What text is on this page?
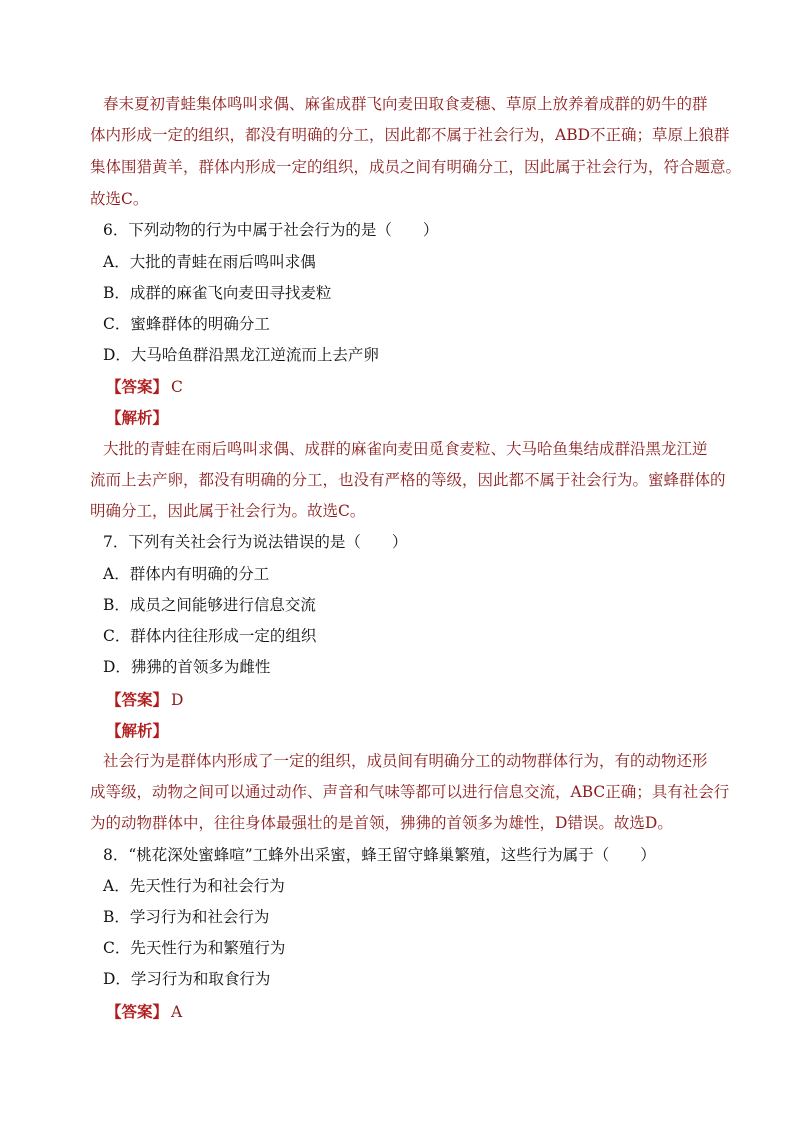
春末夏初青蛙集体鸣叫求偶、麻雀成群飞向麦田取食麦穗、草原上放养着成群的奶牛的群
体内形成一定的组织，都没有明确的分工，因此都不属于社会行为，ABD不正确；草原上狼群
集体围猎黄羊，群体内形成一定的组织，成员之间有明确分工，因此属于社会行为，符合题意。
故选C。
6．下列动物的行为中属于社会行为的是（　　）
A．大批的青蛙在雨后鸣叫求偶
B．成群的麻雀飞向麦田寻找麦粒
C．蜜蜂群体的明确分工
D．大马哈鱼群沿黑龙江逆流而上去产卵
【答案】 C
【解析】
大批的青蛙在雨后鸣叫求偶、成群的麻雀向麦田觅食麦粒、大马哈鱼集结成群沿黑龙江逆
流而上去产卵，都没有明确的分工，也没有严格的等级，因此都不属于社会行为。蜜蜂群体的
明确分工，因此属于社会行为。故选C。
7．下列有关社会行为说法错误的是（　　）
A．群体内有明确的分工
B．成员之间能够进行信息交流
C．群体内往往形成一定的组织
D．狒狒的首领多为雌性
【答案】 D
【解析】
社会行为是群体内形成了一定的组织，成员间有明确分工的动物群体行为，有的动物还形
成等级，动物之间可以通过动作、声音和气味等都可以进行信息交流，ABC正确；具有社会行
为的动物群体中，往往身体最强壮的是首领，狒狒的首领多为雄性，D错误。故选D。
8．“桃花深处蜜蜂喧”工蜂外出采蜜，蜂王留守蜂巢繁殖，这些行为属于（　　）
A．先天性行为和社会行为
B．学习行为和社会行为
C．先天性行为和繁殖行为
D．学习行为和取食行为
【答案】 A
